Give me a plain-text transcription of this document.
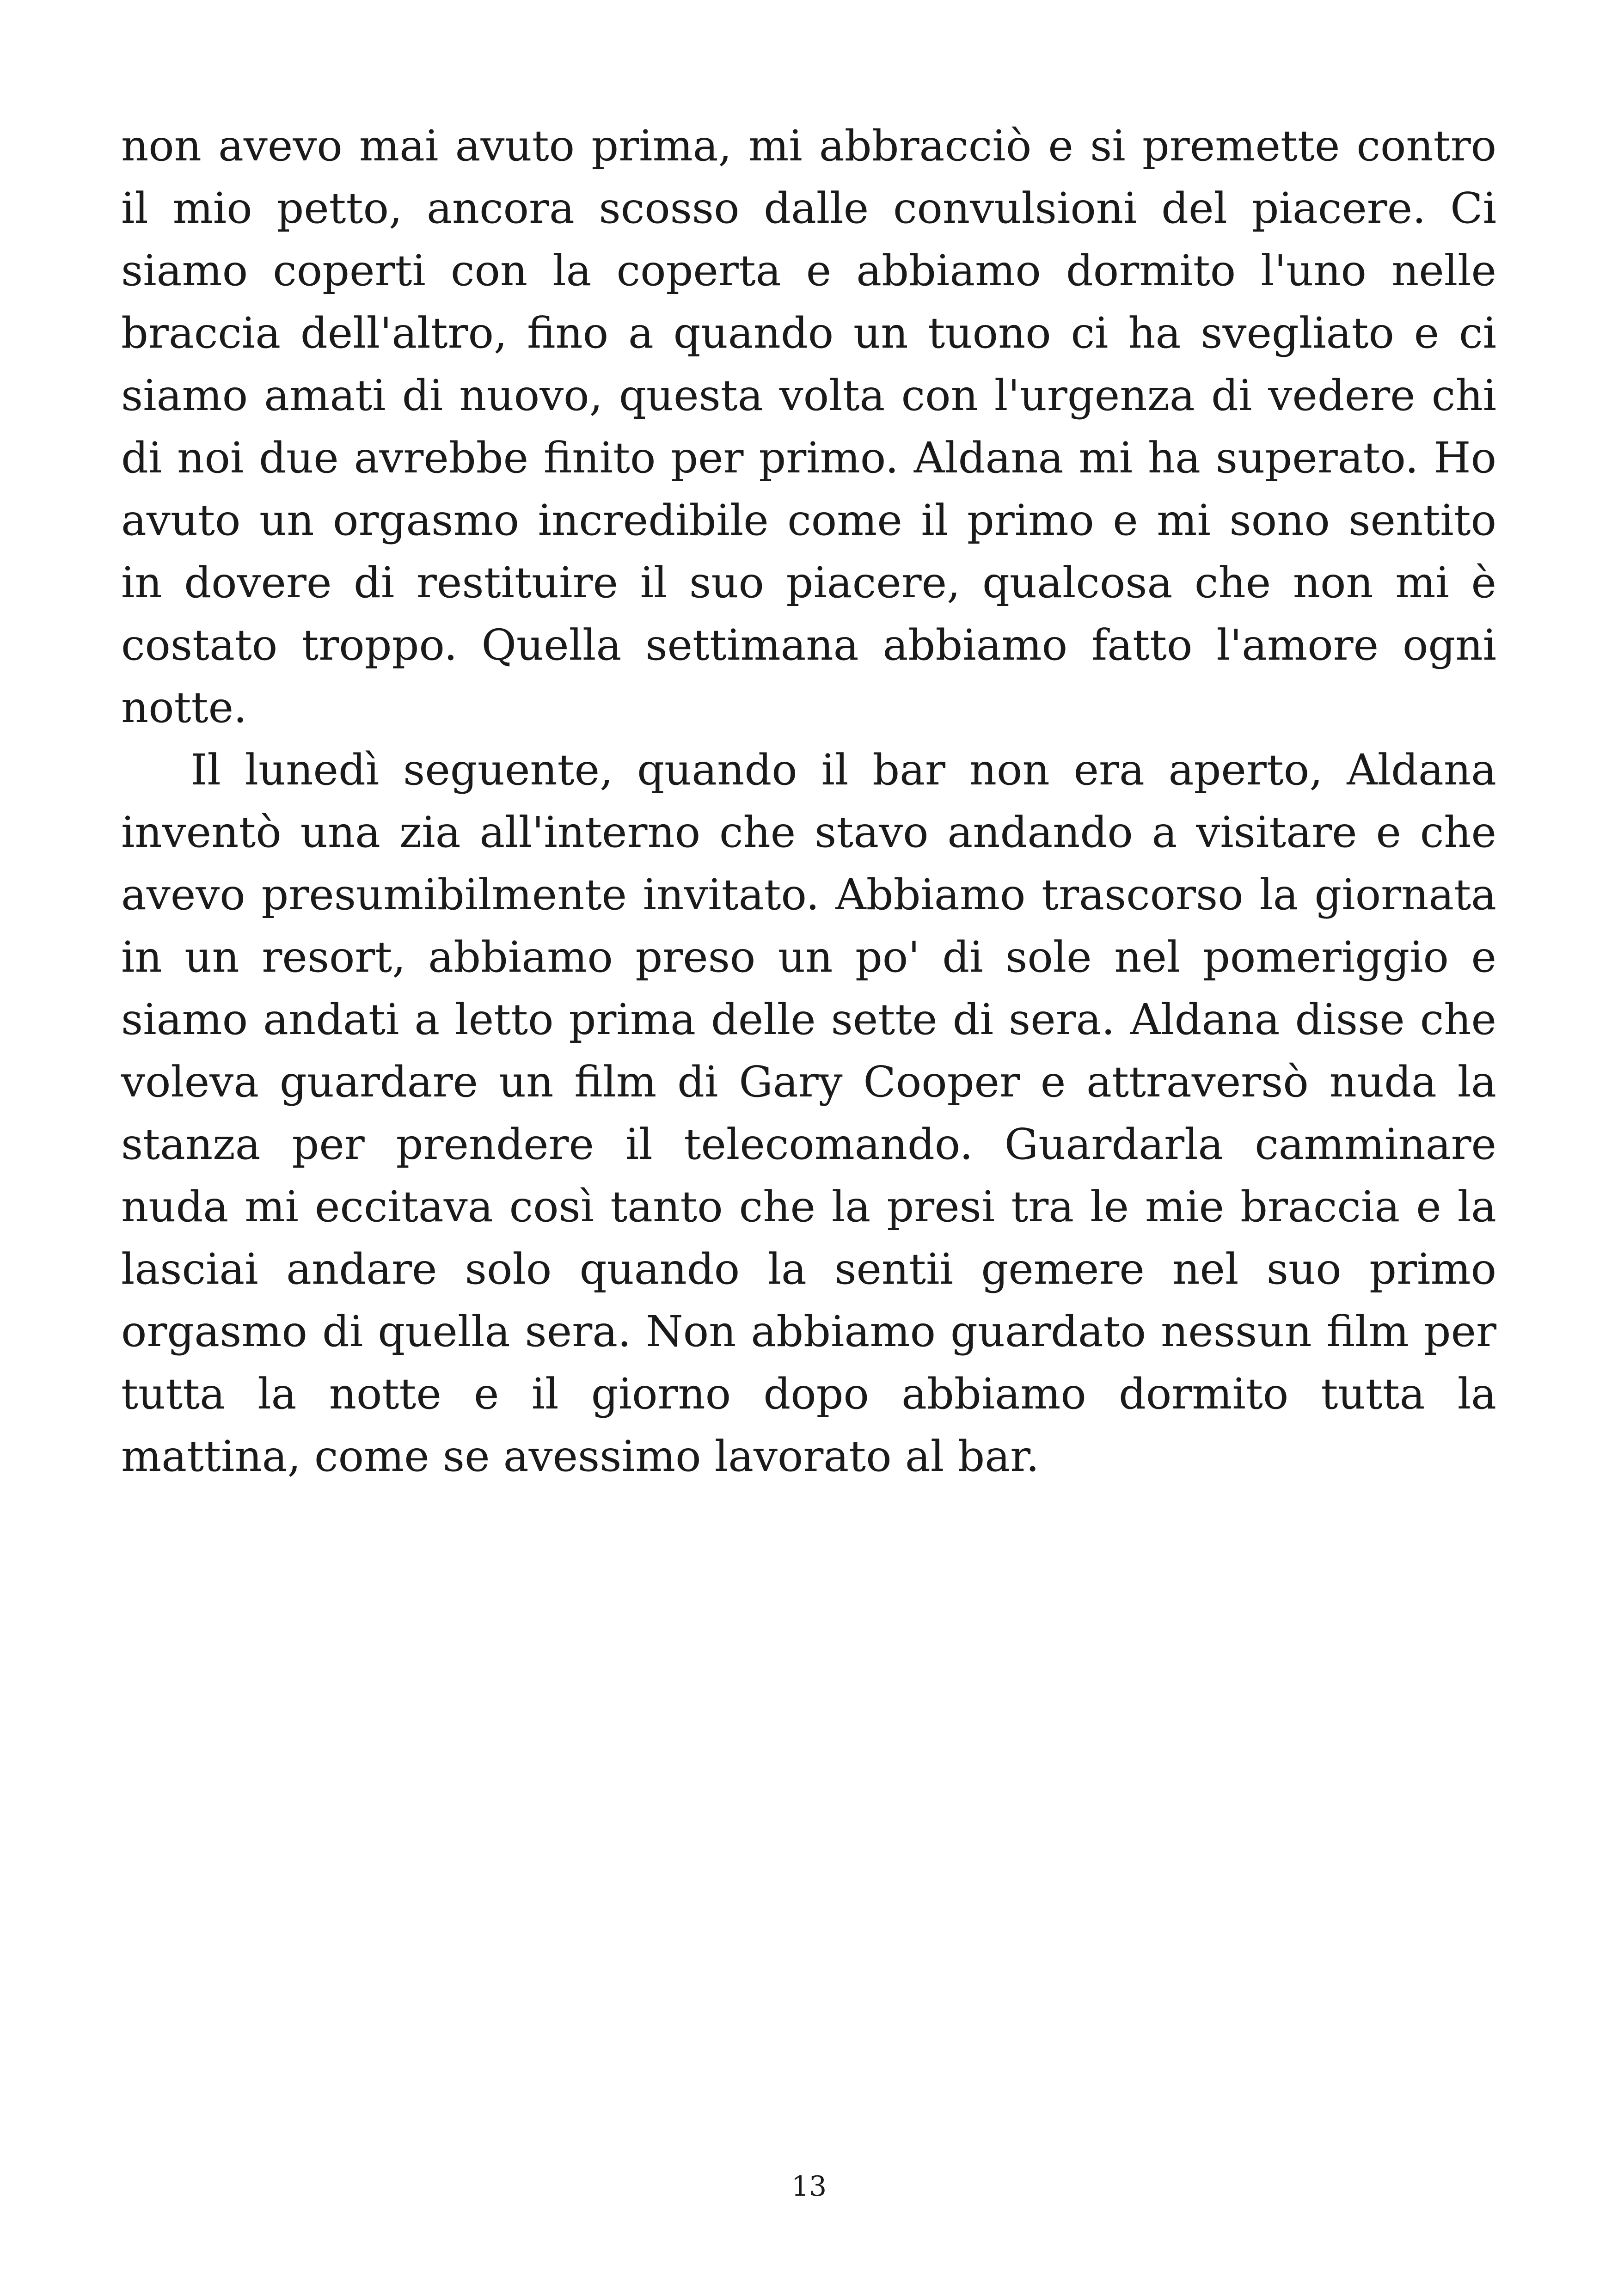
non avevo mai avuto prima, mi abbracciò e si premette contro il mio petto, ancora scosso dalle convulsioni del piacere. Ci siamo coperti con la coperta e abbiamo dormito l'uno nelle braccia dell'altro, fino a quando un tuono ci ha svegliato e ci siamo amati di nuovo, questa volta con l'urgenza di vedere chi di noi due avrebbe finito per primo. Aldana mi ha superato. Ho avuto un orgasmo incredibile come il primo e mi sono sentito in dovere di restituire il suo piacere, qualcosa che non mi è costato troppo. Quella settimana abbiamo fatto l'amore ogni notte.

Il lunedì seguente, quando il bar non era aperto, Aldana inventò una zia all'interno che stavo andando a visitare e che avevo presumibilmente invitato. Abbiamo trascorso la giornata in un resort, abbiamo preso un po' di sole nel pomeriggio e siamo andati a letto prima delle sette di sera. Aldana disse che voleva guardare un film di Gary Cooper e attraversò nuda la stanza per prendere il telecomando. Guardarla camminare nuda mi eccitava così tanto che la presi tra le mie braccia e la lasciai andare solo quando la sentii gemere nel suo primo orgasmo di quella sera. Non abbiamo guardato nessun film per tutta la notte e il giorno dopo abbiamo dormito tutta la mattina, come se avessimo lavorato al bar.

13
